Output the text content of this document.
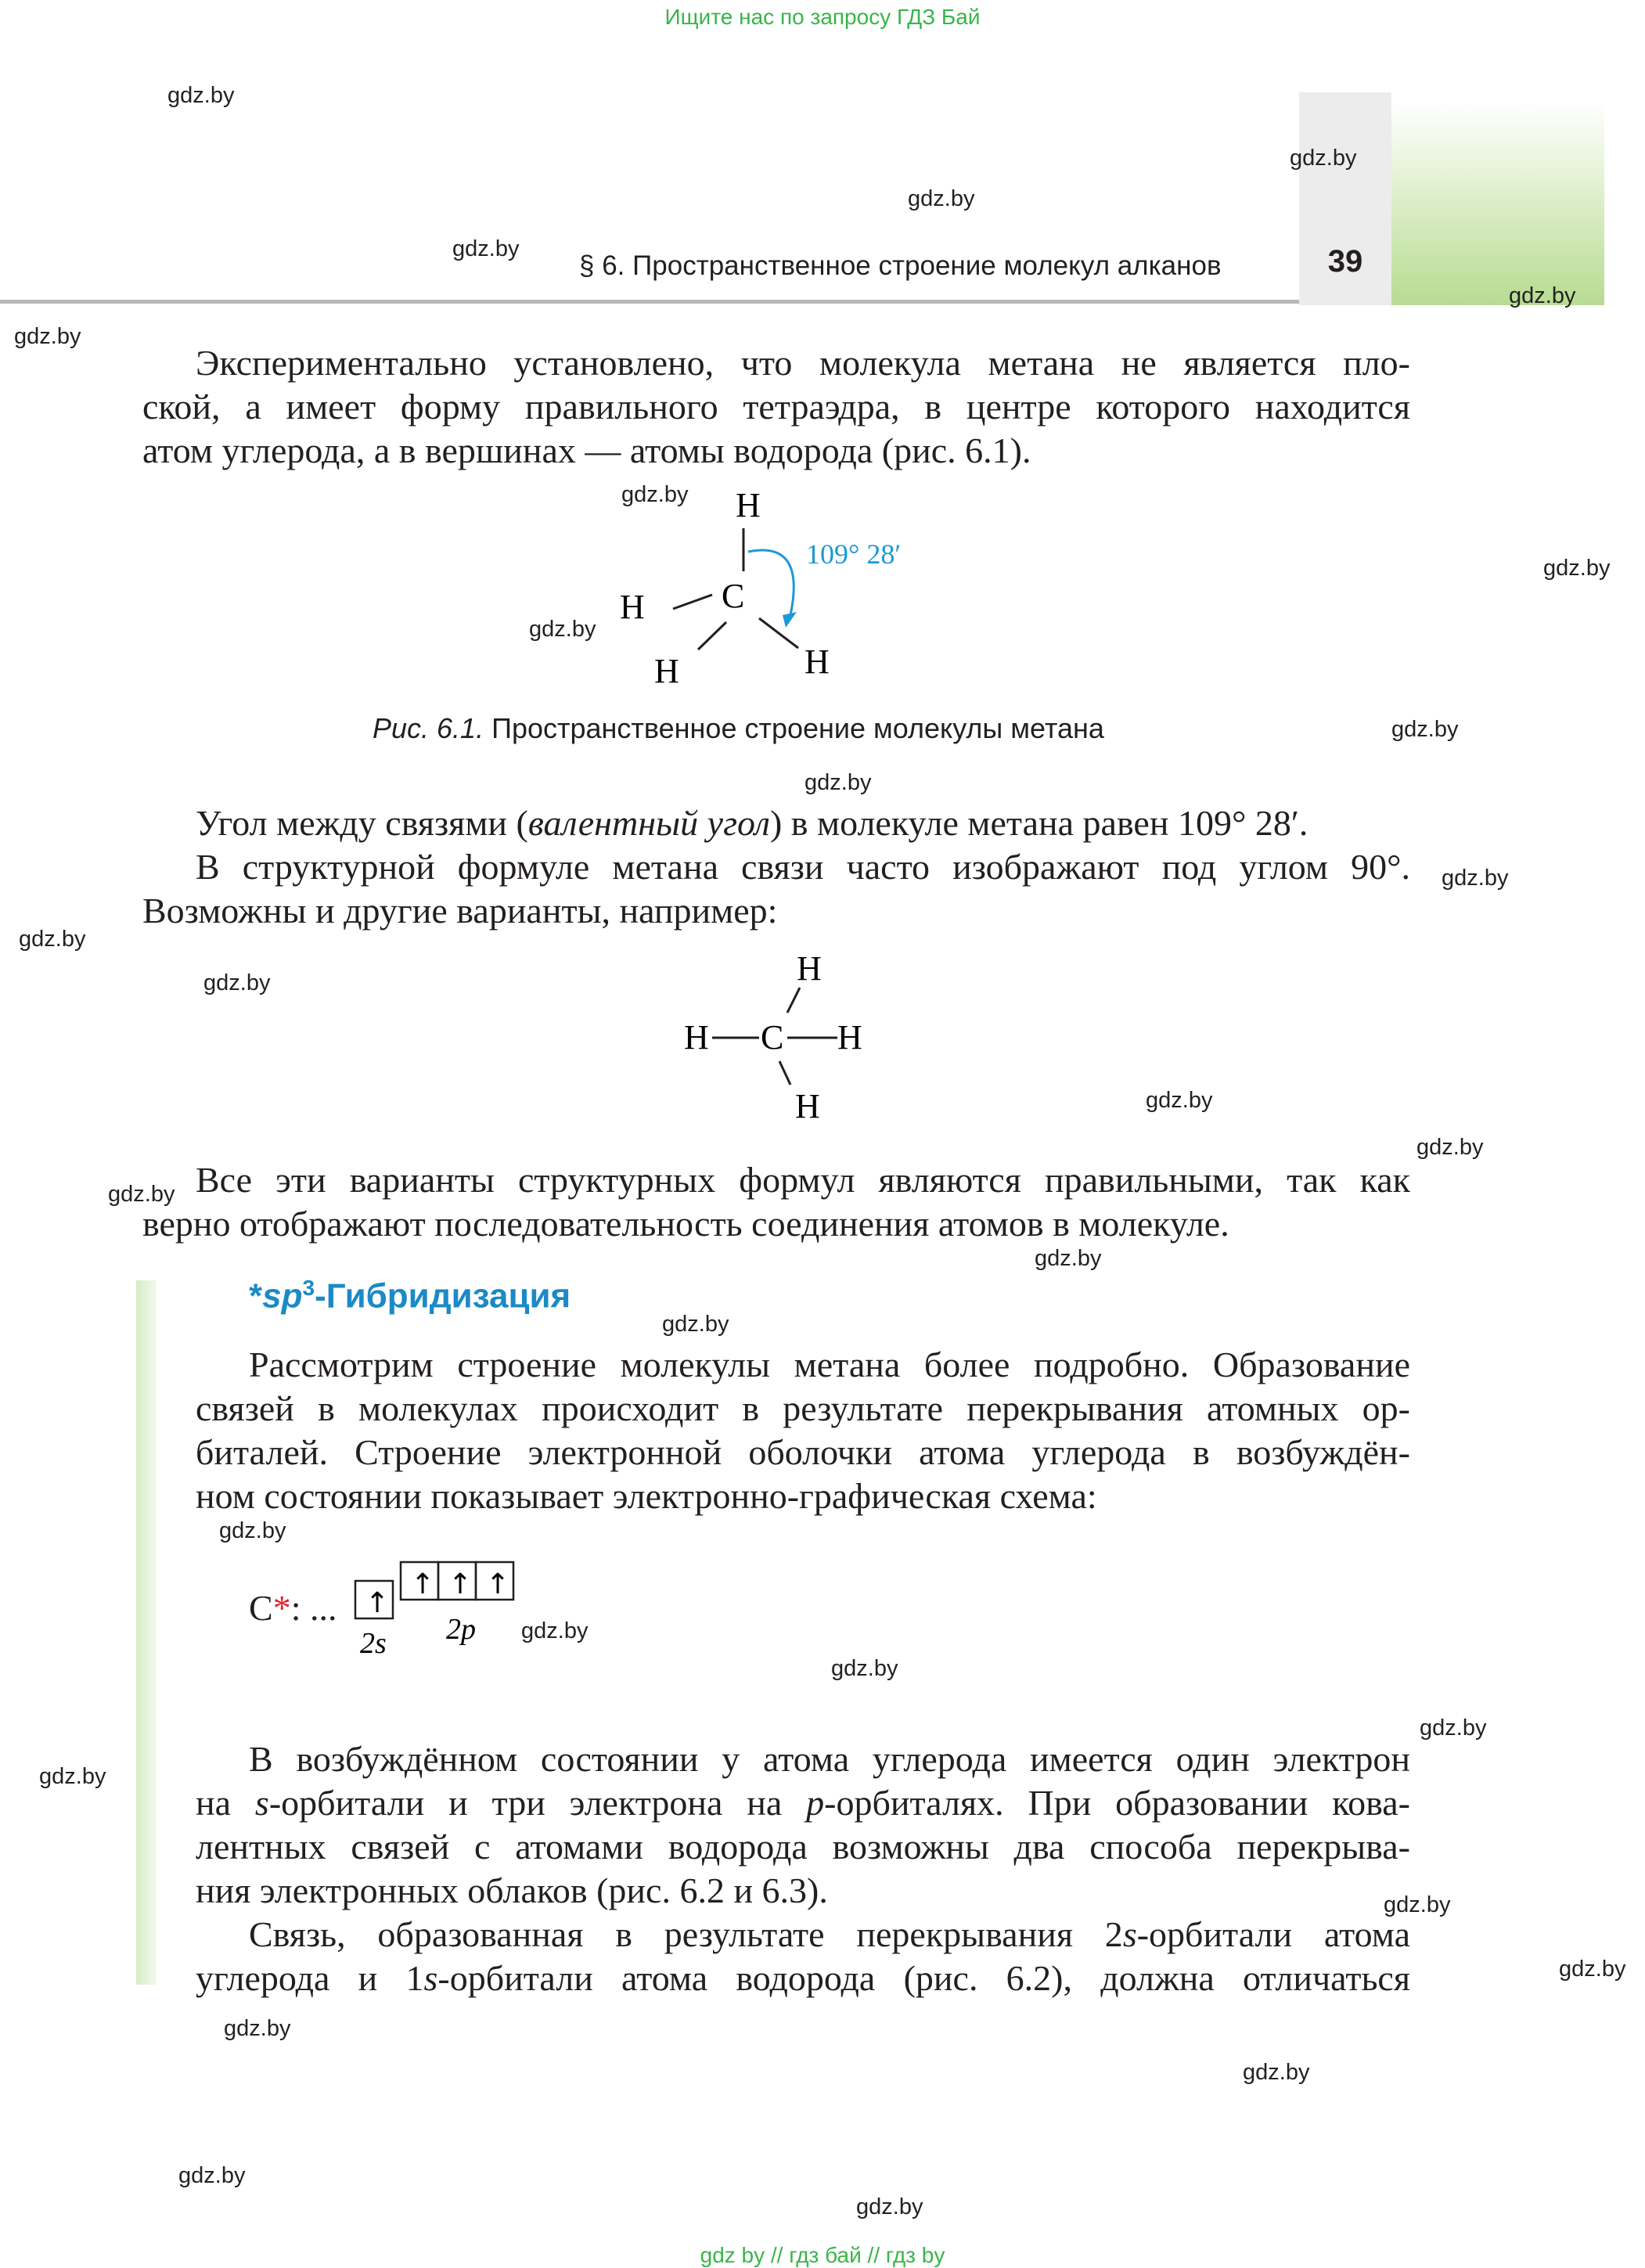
Ищите нас по запросу ГДЗ Бай
gdz by // гдз бай // гдз by
§ 6. Пространственное строение молекул алканов	39
Экспериментально установлено, что молекула метана не является пло-
ской, а имеет форму правильного тетраэдра, в центре которого находится
атом углерода, а в вершинах — атомы водорода (рис. 6.1).
H
C
H
H	H
109° 28′
Рис. 6.1. Пространственное строение молекулы метана
Угол между связями (валентный угол) в молекуле метана равен 109° 28′.
В структурной формуле метана связи часто изображают под углом 90°.
Возможны и другие варианты, например:
H
H C H
H
Все эти варианты структурных формул являются правильными, так как
верно отображают последовательность соединения атомов в молекуле.
$*sp^3$-Гибридизация
Рассмотрим строение молекулы метана более подробно. Образование
связей в молекулах происходит в результате перекрывания атомных ор-
биталей. Строение электронной оболочки атома углерода в возбуждён-
ном состоянии показывает электронно-графическая схема:
C*: ... ↑
↑ ↑ ↑
2s 2p
В возбуждённом состоянии у атома углерода имеется один электрон
на s-орбитали и три электрона на p-орбиталях. При образовании кова-
лентных связей с атомами водорода возможны два способа перекрыва-
ния электронных облаков (рис. 6.2 и 6.3).
Связь, образованная в результате перекрывания 2s-орбитали атома
углерода и 1s-орбитали атома водорода (рис. 6.2), должна отличаться
gdz.by
gdz.by
gdz.by
gdz.by
gdz.by
gdz.by
gdz.by
gdz.by
gdz.by
gdz.by
gdz.by
gdz.by
gdz.by
gdz.by
gdz.by
gdz.by
gdz.by
gdz.by
gdz.by
gdz.by
gdz.by
gdz.by
gdz.by
gdz.by
gdz.by
gdz.by
gdz.by
gdz.by
gdz.by
gdz.by
